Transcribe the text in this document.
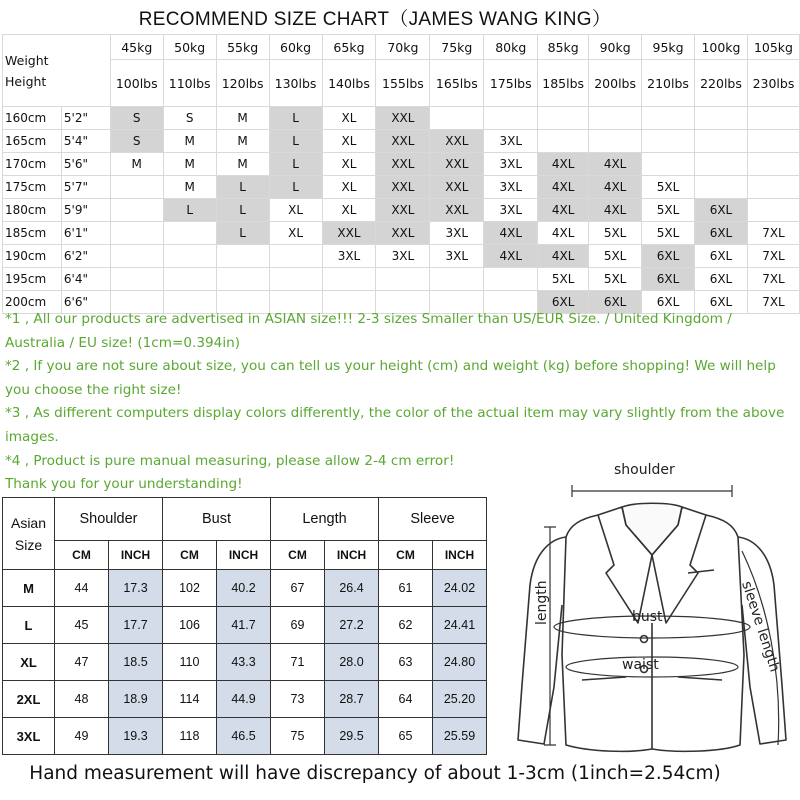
RECOMMEND SIZE CHART（JAMES WANG KING）
Weight
Height		45kg	50kg	55kg	60kg	65kg	70kg	75kg	80kg	85kg	90kg	95kg	100kg	105kg
		100lbs	110lbs	120lbs	130lbs	140lbs	155lbs	165lbs	175lbs	185lbs	200lbs	210lbs	220lbs	230lbs
160cm	5'2"	S	S	M	L	XL	XXL							
165cm	5'4"	S	M	M	L	XL	XXL	XXL	3XL					
170cm	5'6"	M	M	M	L	XL	XXL	XXL	3XL	4XL	4XL			
175cm	5'7"		M	L	L	XL	XXL	XXL	3XL	4XL	4XL	5XL		
180cm	5'9"		L	L	XL	XL	XXL	XXL	3XL	4XL	4XL	5XL	6XL	
185cm	6'1"			L	XL	XXL	XXL	3XL	4XL	4XL	5XL	5XL	6XL	7XL
190cm	6'2"					3XL	3XL	3XL	4XL	4XL	5XL	6XL	6XL	7XL
195cm	6'4"									5XL	5XL	6XL	6XL	7XL
200cm	6'6"									6XL	6XL	6XL	6XL	7XL
*1 , All our products are advertised in ASIAN size!!! 2-3 sizes Smaller than US/EUR Size. / United Kingdom / Australia / EU size! (1cm=0.394in)
*2 , If you are not sure about size, you can tell us your height (cm) and weight (kg) before shopping! We will help you choose the right size!
*3 , As different computers display colors differently, the color of the actual item may vary slightly from the above images.
*4 , Product is pure manual measuring, please allow 2-4 cm error!
Thank you for your understanding!
Asian
Size	Shoulder		Bust		Length		Sleeve	
	CM	INCH	CM	INCH	CM	INCH	CM	INCH
M	44	17.3	102	40.2	67	26.4	61	24.02
L	45	17.7	106	41.7	69	27.2	62	24.41
XL	47	18.5	110	43.3	71	28.0	63	24.80
2XL	48	18.9	114	44.9	73	28.7	64	25.20
3XL	49	19.3	118	46.5	75	29.5	65	25.59
shoulder
bust
waist
length	sleeve length
Hand measurement will have discrepancy of about 1-3cm (1inch=2.54cm)
